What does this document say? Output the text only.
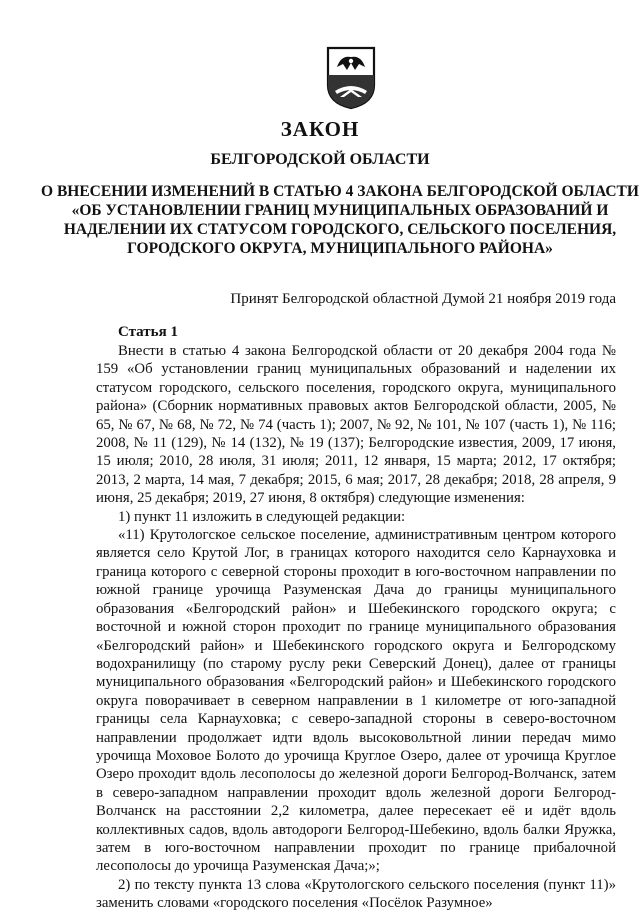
ЗАКОН
БЕЛГОРОДСКОЙ ОБЛАСТИ
О ВНЕСЕНИИ ИЗМЕНЕНИЙ В СТАТЬЮ 4 ЗАКОНА БЕЛГОРОДСКОЙ ОБЛАСТИ «ОБ УСТАНОВЛЕНИИ ГРАНИЦ МУНИЦИПАЛЬНЫХ ОБРАЗОВАНИЙ И НАДЕЛЕНИИ ИХ СТАТУСОМ ГОРОДСКОГО, СЕЛЬСКОГО ПОСЕЛЕНИЯ, ГОРОДСКОГО ОКРУГА, МУНИЦИПАЛЬНОГО РАЙОНА»
Принят Белгородской областной Думой 21 ноября 2019 года
Статья 1

Внести в статью 4 закона Белгородской области от 20 декабря 2004 года № 159 «Об установлении границ муниципальных образований и наделении их статусом городского, сельского поселения, городского округа, муниципального района» (Сборник нормативных правовых актов Белгородской области, 2005, № 65, № 67, № 68, № 72, № 74 (часть 1); 2007, № 92, № 101, № 107 (часть 1), № 116; 2008, № 11 (129), № 14 (132), № 19 (137); Белгородские известия, 2009, 17 июня, 15 июля; 2010, 28 июля, 31 июля; 2011, 12 января, 15 марта; 2012, 17 октября; 2013, 2 марта, 14 мая, 7 декабря; 2015, 6 мая; 2017, 28 декабря; 2018, 28 апреля, 9 июня, 25 декабря; 2019, 27 июня, 8 октября) следующие изменения:

1) пункт 11 изложить в следующей редакции:

«11) Крутологское сельское поселение, административным центром которого является село Крутой Лог, в границах которого находится село Карнауховка и граница которого с северной стороны проходит в юго-восточном направлении по южной границе урочища Разуменская Дача до границы муниципального образования «Белгородский район» и Шебекинского городского округа; с восточной и южной сторон проходит по границе муниципального образования «Белгородский район» и Шебекинского городского округа и Белгородскому водохранилищу (по старому руслу реки Северский Донец), далее от границы муниципального образования «Белгородский район» и Шебекинского городского округа поворачивает в северном направлении в 1 километре от юго-западной границы села Карнауховка; с северо-западной стороны в северо-восточном направлении продолжает идти вдоль высоковольтной линии передач мимо урочища Моховое Болото до урочища Круглое Озеро, далее от урочища Круглое Озеро проходит вдоль лесополосы до железной дороги Белгород-Волчанск, затем в северо-западном направлении проходит вдоль железной дороги Белгород-Волчанск на расстоянии 2,2 километра, далее пересекает её и идёт вдоль коллективных садов, вдоль автодороги Белгород-Шебекино, вдоль балки Яружка, затем в юго-восточном направлении проходит по границе прибалочной лесополосы до урочища Разуменская Дача;»;

2) по тексту пункта 13 слова «Крутологского сельского поселения (пункт 11)» заменить словами «городского поселения «Посёлок Разумное»
